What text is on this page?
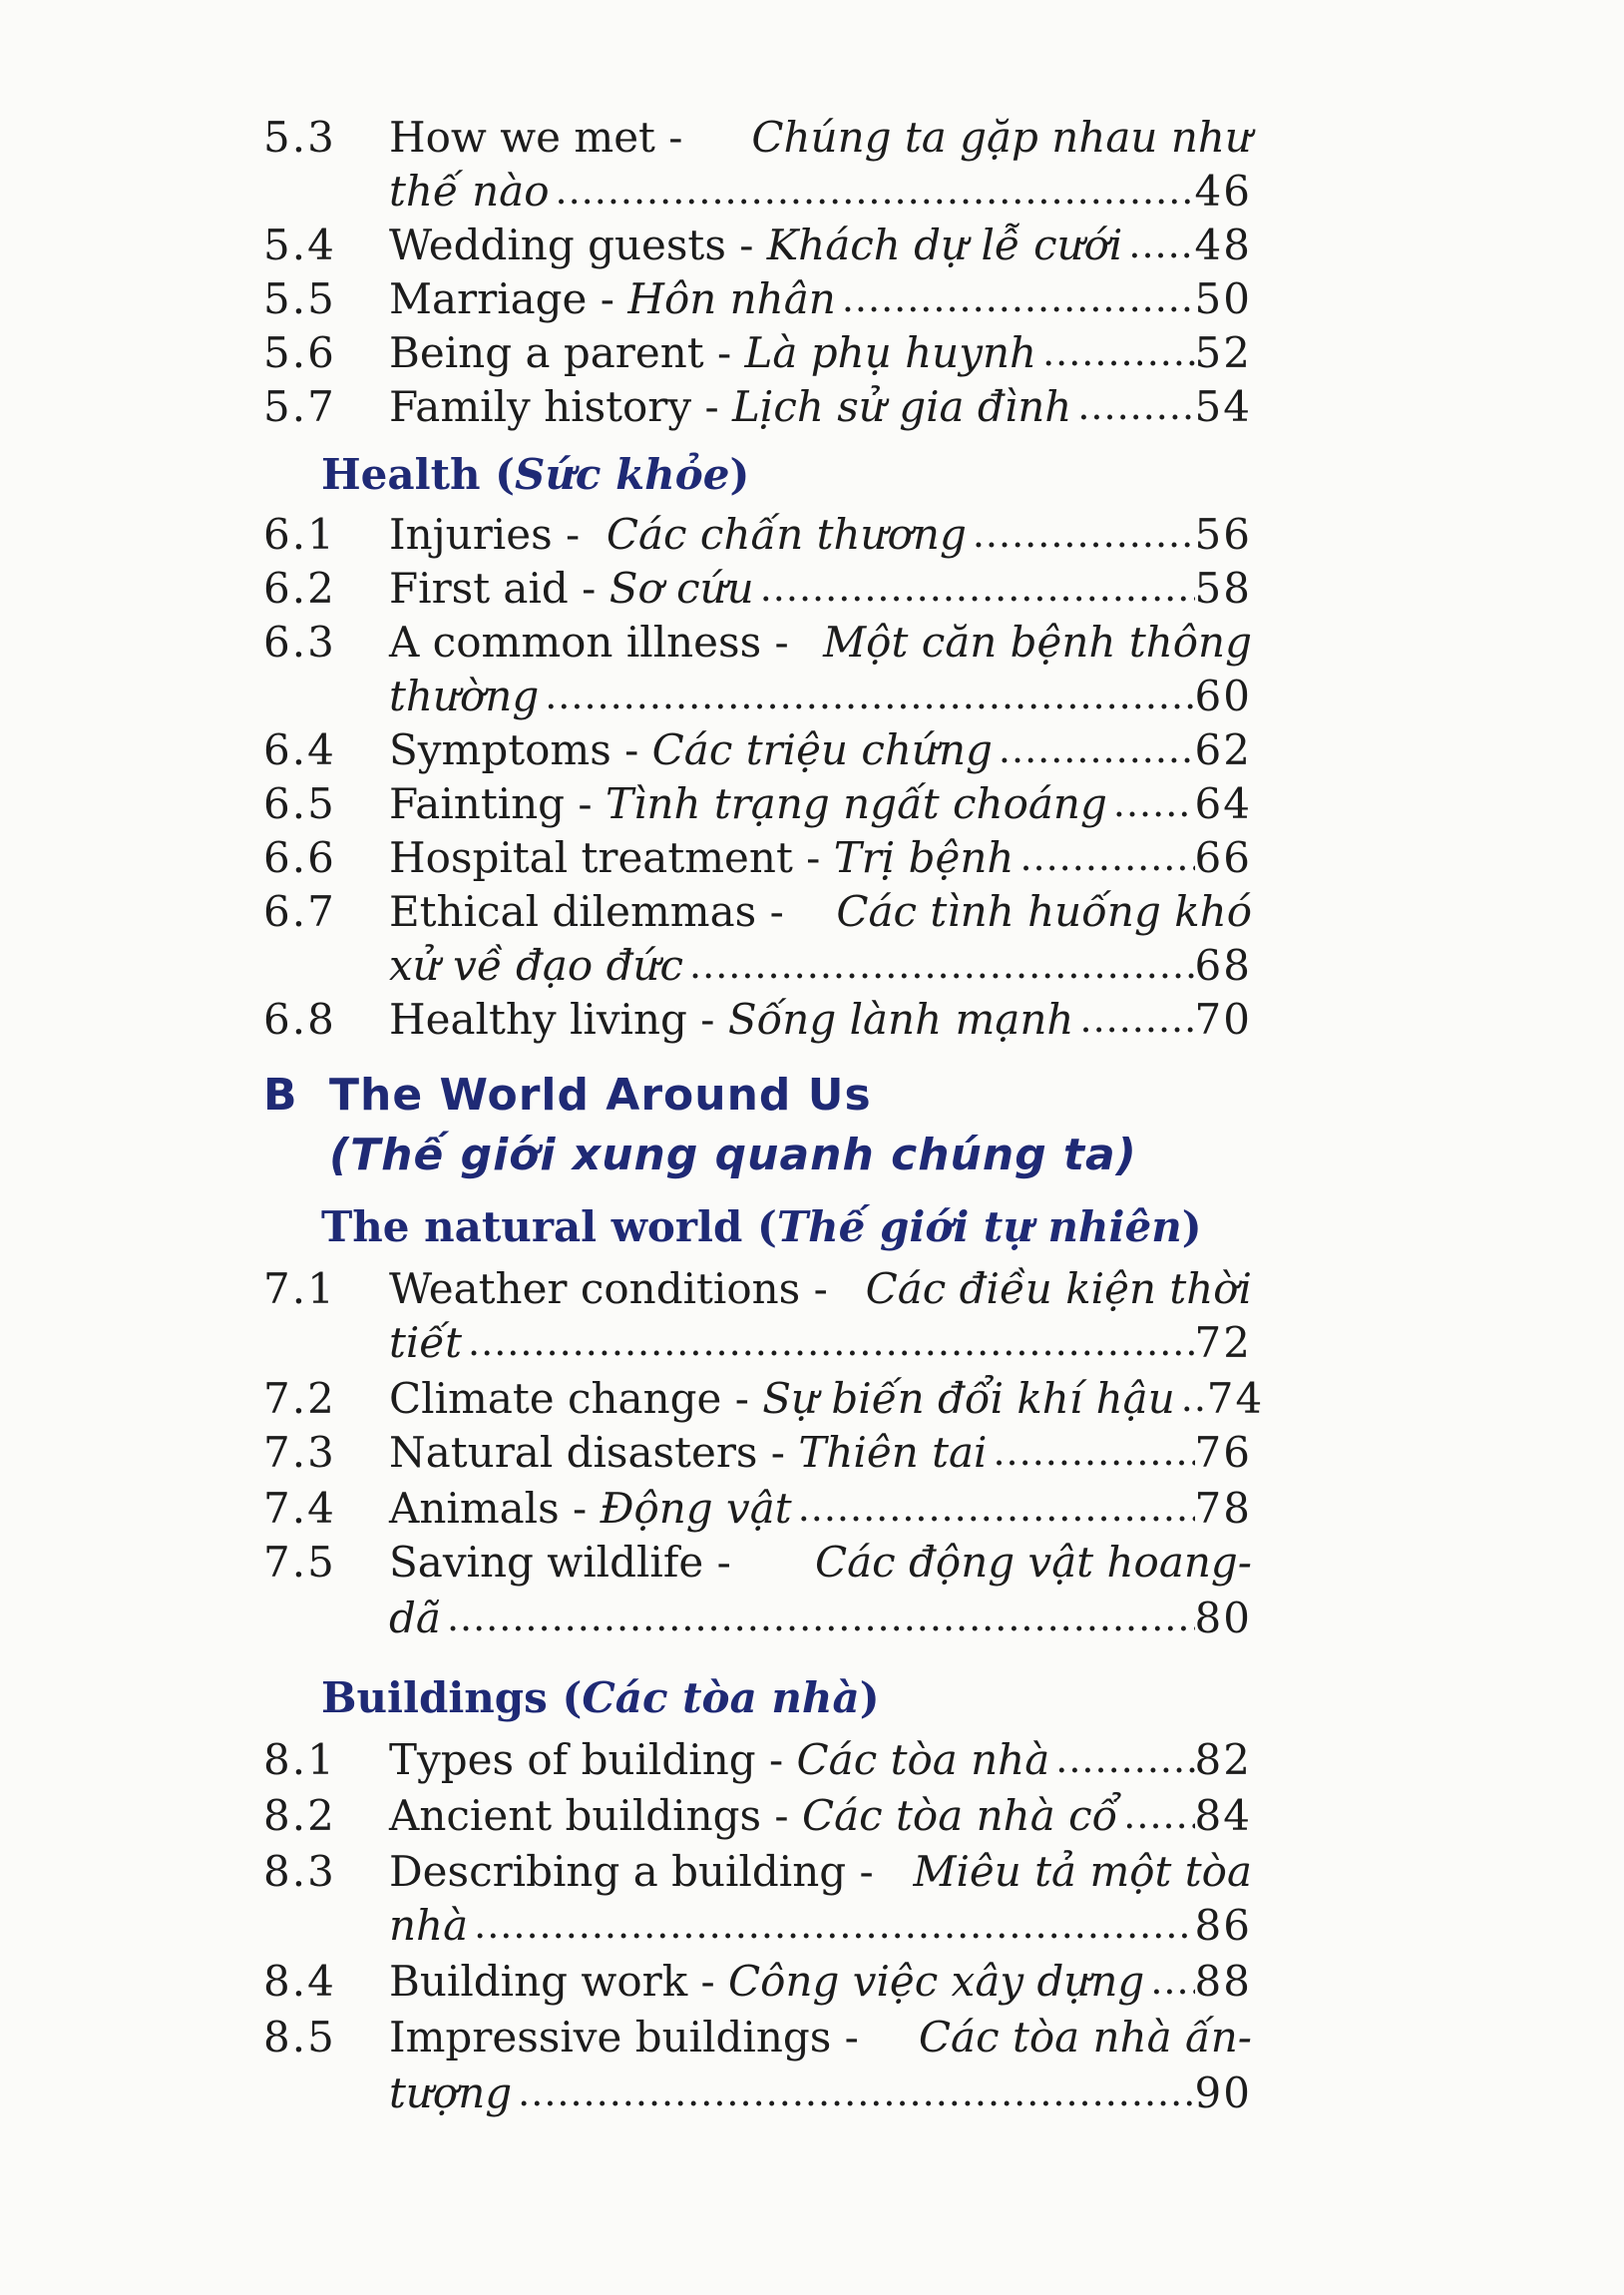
5.3	How we met - Chúng ta gặp nhau như
thế nào .....	46
5.4	Wedding guests - Khách dự lễ cưới ..... 48
5.5	Marriage - Hôn nhân .....	50
5.6	Being a parent - Là phụ huynh .....	52
5.7	Family history - Lịch sử gia đình .....	54
Health (Sức khỏe)
6.1	Injuries - Các chấn thương .....	56
6.2	First aid - Sơ cứu .....	58
6.3	A common illness - Một căn bệnh thông
thường .....	60
6.4	Symptoms - Các triệu chứng .....	62
6.5	Fainting - Tình trạng ngất choáng ..... 64
6.6	Hospital treatment - Trị bệnh .....	66
6.7	Ethical dilemmas - Các tình huống khó
xử về đạo đức .....	68
6.8	Healthy living - Sống lành mạnh .....	70
B The World Around Us
(Thế giới xung quanh chúng ta)
The natural world (Thế giới tự nhiên)
7.1	Weather conditions - Các điều kiện thời
tiết .....	72
7.2	Climate change - Sự biến đổi khí hậu ..... 74
7.3	Natural disasters - Thiên tai .....	76
7.4	Animals - Động vật .....	78
7.5	Saving wildlife - Các động vật hoang-
dã .....	80
Buildings (Các tòa nhà)
8.1	Types of building - Các tòa nhà .....	82
8.2	Ancient buildings - Các tòa nhà cổ ..... 84
8.3	Describing a building - Miêu tả một tòa
nhà .....	86
8.4	Building work - Công việc xây dựng ..... 88
8.5	Impressive buildings - Các tòa nhà ấn-
tượng .....	90
